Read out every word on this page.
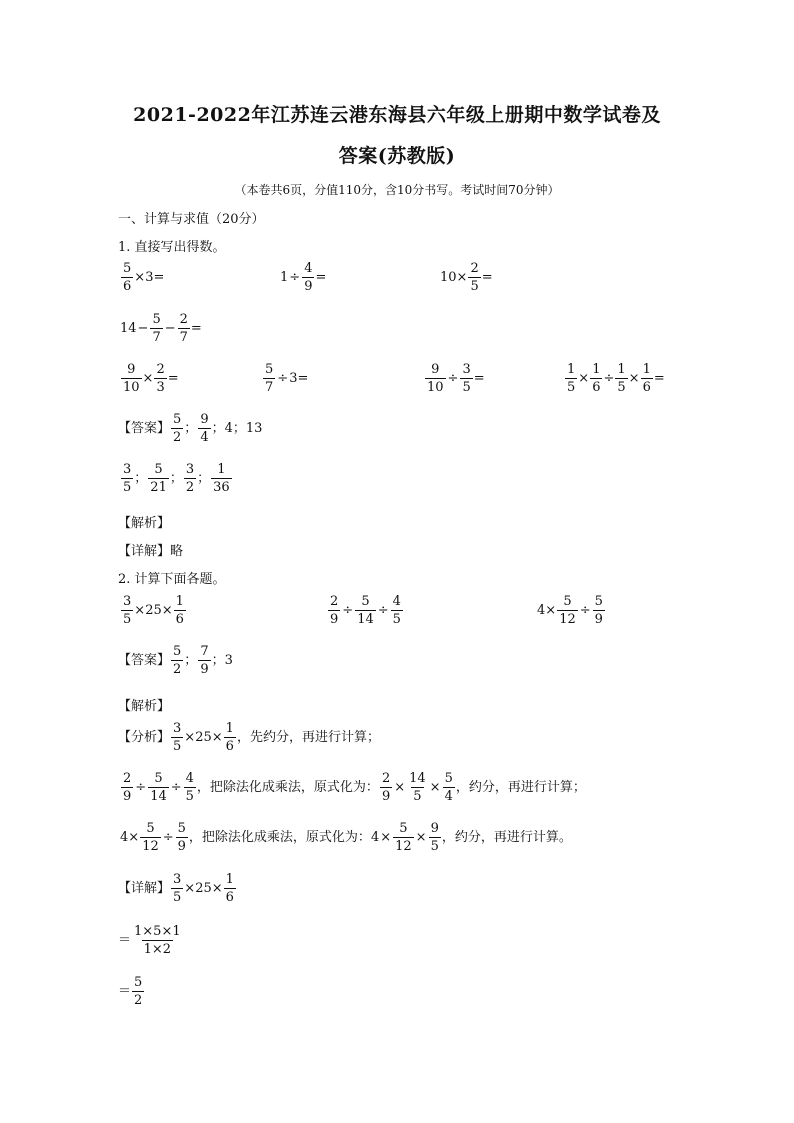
2021-2022年江苏连云港东海县六年级上册期中数学试卷及
答案(苏教版)
（本卷共6页，分值110分，含10分书写。考试时间70分钟）
一、计算与求值（20分）
1. 直接写出得数。
$\frac{5}{6} \times 3=$	$1\div \frac{4}{9}$ =	$10\times \frac{2}{5}$ =
$14- \frac{5}{7} - \frac{2}{7}$ =
$\frac{9}{10} \times \frac{2}{3}$ =	$\frac{5}{7} \div 3=$	$\frac{9}{10} \div \frac{3}{5}$ =	$\frac{1}{5} \times \frac{1}{6} \div \frac{1}{5} \times \frac{1}{6}$ =
【答案】 $\frac{5}{2}$ ； $\frac{9}{4}$ ；4；13
$\frac{3}{5}$ ； $\frac{5}{21}$ ； $\frac{3}{2}$ ； $\frac{1}{36}$
【解析】
【详解】略
2. 计算下面各题。
$\frac{3}{5} \times 25\times \frac{1}{6}$	$\frac{2}{9} \div \frac{5}{14} \div \frac{4}{5}$	$4\times \frac{5}{12} \div \frac{5}{9}$
【答案】 $\frac{5}{2}$ ； $\frac{7}{9}$ ；3
【解析】
【分析】 $\frac{3}{5} \times 25\times \frac{1}{6}$ ，先约分，再进行计算；
$\frac{2}{9} \div \frac{5}{14} \div \frac{4}{5}$ ，把除法化成乘法，原式化为： $\frac{2}{9} \times \frac{14}{5} \times \frac{5}{4}$ ，约分，再进行计算；
$4\times \frac{5}{12} \div \frac{5}{9}$ ，把除法化成乘法，原式化为：$4\times \frac{5}{12} \times \frac{9}{5}$ ，约分，再进行计算。
【详解】 $\frac{3}{5} \times 25\times \frac{1}{6}$
＝ $\frac{1\times 5\times 1}{1\times 2}$
＝ $\frac{5}{2}$
